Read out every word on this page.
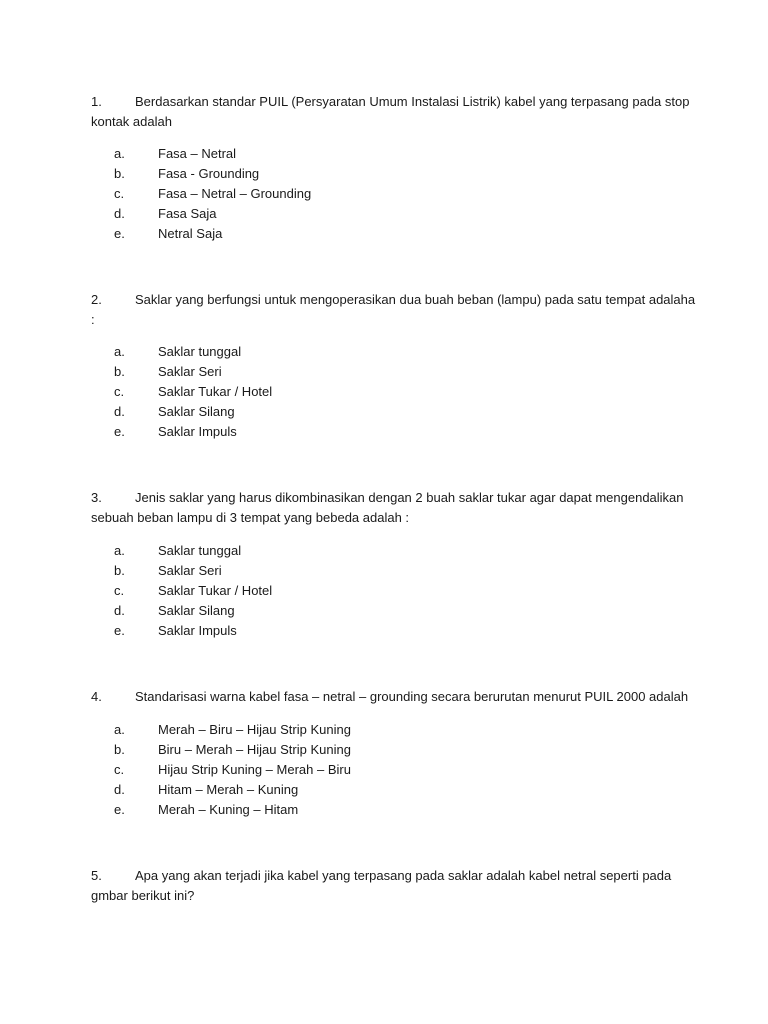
1.	Berdasarkan standar PUIL (Persyaratan Umum Instalasi Listrik) kabel yang terpasang pada stop
kontak adalah
a.	Fasa – Netral
b.	Fasa - Grounding
c.	Fasa – Netral – Grounding
d.	Fasa Saja
e.	Netral Saja
2.	Saklar yang berfungsi untuk mengoperasikan dua buah beban (lampu) pada satu tempat adalaha
:
a.	Saklar tunggal
b.	Saklar Seri
c.	Saklar Tukar / Hotel
d.	Saklar Silang
e.	Saklar Impuls
3.	Jenis saklar yang harus dikombinasikan dengan 2 buah saklar tukar agar dapat mengendalikan
sebuah beban lampu di 3 tempat yang bebeda adalah :
a.	Saklar tunggal
b.	Saklar Seri
c.	Saklar Tukar / Hotel
d.	Saklar Silang
e.	Saklar Impuls
4.	Standarisasi warna kabel fasa – netral – grounding secara berurutan menurut PUIL 2000 adalah
a.	Merah – Biru – Hijau Strip Kuning
b.	Biru – Merah – Hijau Strip Kuning
c.	Hijau Strip Kuning – Merah – Biru
d.	Hitam – Merah – Kuning
e.	Merah – Kuning – Hitam
5.	Apa yang akan terjadi jika kabel yang terpasang pada saklar adalah kabel netral seperti pada
gmbar berikut ini?
